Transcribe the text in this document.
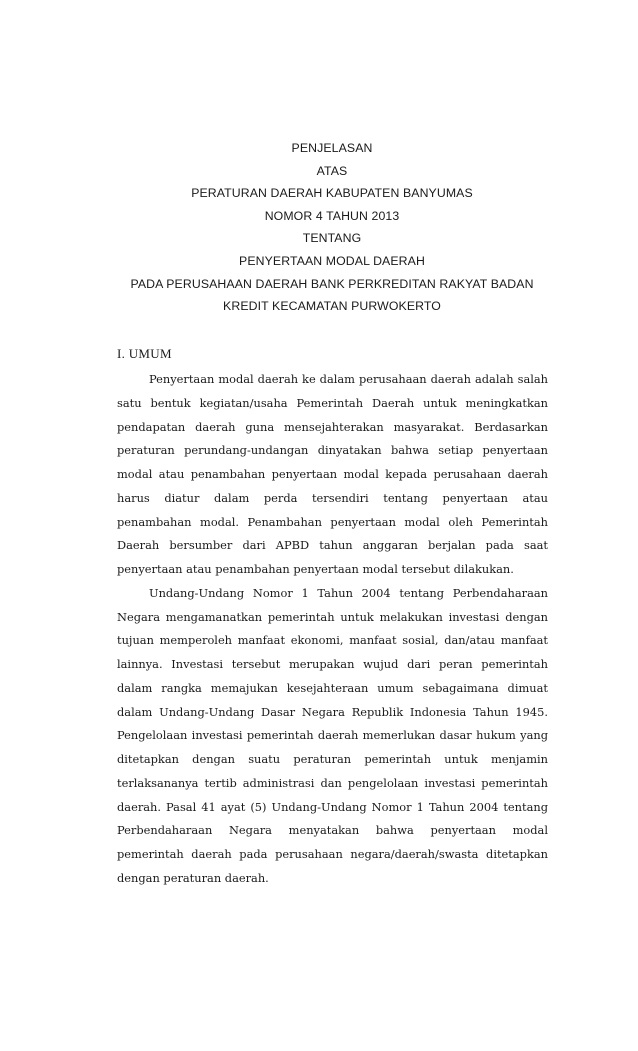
PENJELASAN
ATAS
PERATURAN DAERAH KABUPATEN BANYUMAS
NOMOR 4 TAHUN 2013
TENTANG
PENYERTAAN MODAL DAERAH
PADA PERUSAHAAN DAERAH BANK PERKREDITAN RAKYAT BADAN
KREDIT KECAMATAN PURWOKERTO
I. UMUM

Penyertaan modal daerah ke dalam perusahaan daerah adalah salah satu bentuk kegiatan/usaha Pemerintah Daerah untuk meningkatkan pendapatan daerah guna mensejahterakan masyarakat. Berdasarkan peraturan perundang-undangan dinyatakan bahwa setiap penyertaan modal atau penambahan penyertaan modal kepada perusahaan daerah harus diatur dalam perda tersendiri tentang penyertaan atau penambahan modal. Penambahan penyertaan modal oleh Pemerintah Daerah bersumber dari APBD tahun anggaran berjalan pada saat penyertaan atau penambahan penyertaan modal tersebut dilakukan.

Undang-Undang Nomor 1 Tahun 2004 tentang Perbendaharaan Negara mengamanatkan pemerintah untuk melakukan investasi dengan tujuan memperoleh manfaat ekonomi, manfaat sosial, dan/atau manfaat lainnya. Investasi tersebut merupakan wujud dari peran pemerintah dalam rangka memajukan kesejahteraan umum sebagaimana dimuat dalam Undang-Undang Dasar Negara Republik Indonesia Tahun 1945. Pengelolaan investasi pemerintah daerah memerlukan dasar hukum yang ditetapkan dengan suatu peraturan pemerintah untuk menjamin terlaksananya tertib administrasi dan pengelolaan investasi pemerintah daerah. Pasal 41 ayat (5) Undang-Undang Nomor 1 Tahun 2004 tentang Perbendaharaan Negara menyatakan bahwa penyertaan modal pemerintah daerah pada perusahaan negara/daerah/swasta ditetapkan dengan peraturan daerah.
